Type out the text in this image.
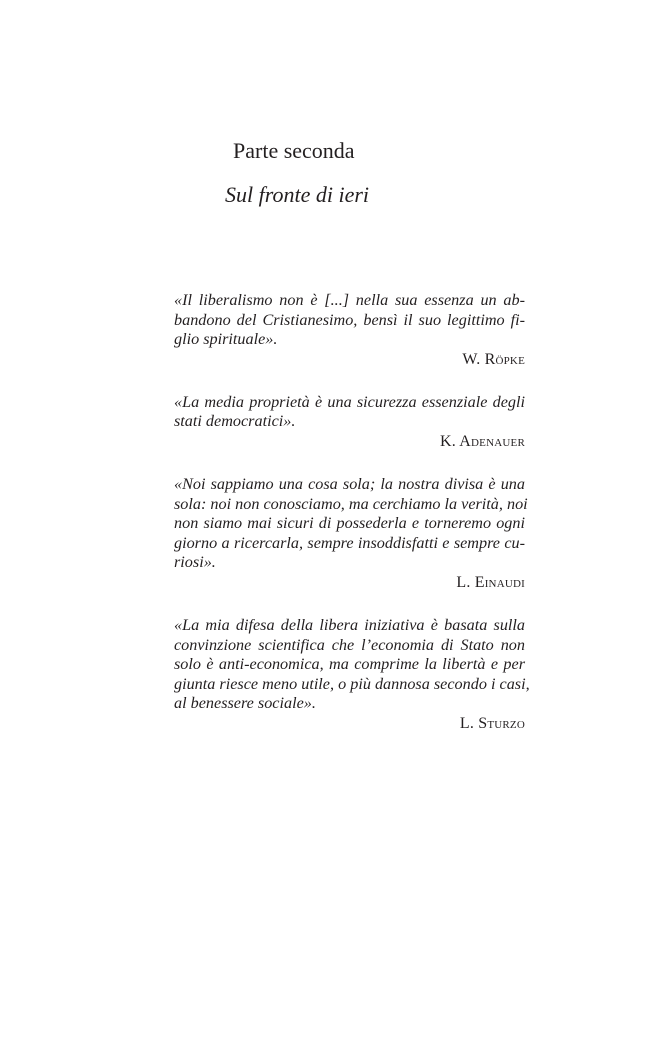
Parte seconda
Sul fronte di ieri

«Il liberalismo non è [...] nella sua essenza un ab-
bandono del Cristianesimo, bensì il suo legittimo fi-
glio spirituale».

W. Röpke

«La media proprietà è una sicurezza essenziale degli
stati democratici».

K. Adenauer

«Noi sappiamo una cosa sola; la nostra divisa è una
sola: noi non conosciamo, ma cerchiamo la verità, noi
non siamo mai sicuri di possederla e torneremo ogni
giorno a ricercarla, sempre insoddisfatti e sempre cu-
riosi».

L. Einaudi

«La mia difesa della libera iniziativa è basata sulla
convinzione scientifica che l’economia di Stato non
solo è anti-economica, ma comprime la libertà e per
giunta riesce meno utile, o più dannosa secondo i casi,
al benessere sociale».

L. Sturzo
